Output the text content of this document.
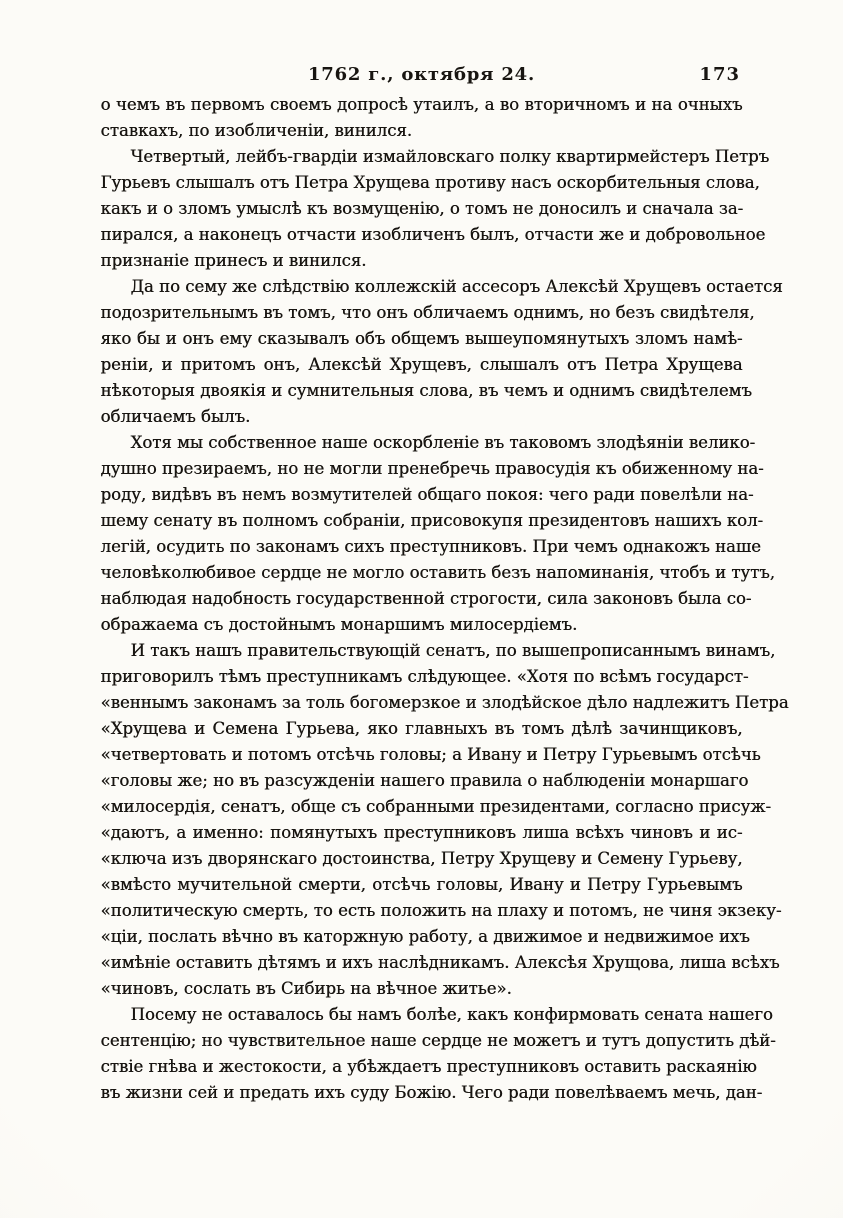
1762 г., октября 24.	173

о чемъ въ первомъ своемъ допросѣ утаилъ, а во вторичномъ и на очныхъ
ставкахъ, по изобличеніи, винился.

Четвертый, лейбъ-гвардіи измайловскаго полку квартирмейстеръ Петръ
Гурьевъ слышалъ отъ Петра Хрущева противу насъ оскорбительныя слова,
какъ и о зломъ умыслѣ къ возмущенію, о томъ не доносилъ и сначала за-
пирался, а наконецъ отчасти изобличенъ былъ, отчасти же и добровольное
признаніе принесъ и винился.

Да по сему же слѣдствію коллежскій ассесоръ Алексѣй Хрущевъ остается
подозрительнымъ въ томъ, что онъ обличаемъ однимъ, но безъ свидѣтеля,
яко бы и онъ ему сказывалъ объ общемъ вышеупомянутыхъ зломъ намѣ-
реніи, и притомъ онъ, Алексѣй Хрущевъ, слышалъ отъ Петра Хрущева
нѣкоторыя двоякія и сумнительныя слова, въ чемъ и однимъ свидѣтелемъ
обличаемъ былъ.

Хотя мы собственное наше оскорбленіе въ таковомъ злодѣяніи велико-
душно презираемъ, но не могли пренебречь правосудія къ обиженному на-
роду, видѣвъ въ немъ возмутителей общаго покоя: чего ради повелѣли на-
шему сенату въ полномъ собраніи, присовокупя президентовъ нашихъ кол-
легій, осудить по законамъ сихъ преступниковъ. При чемъ однакожъ наше
человѣколюбивое сердце не могло оставить безъ напоминанія, чтобъ и тутъ,
наблюдая надобность государственной строгости, сила законовъ была со-
ображаема съ достойнымъ монаршимъ милосердіемъ.

И такъ нашъ правительствующій сенатъ, по вышепрописаннымъ винамъ,
приговорилъ тѣмъ преступникамъ слѣдующее. «Хотя по всѣмъ государст-
«веннымъ законамъ за толь богомерзкое и злодѣйское дѣло надлежитъ Петра
«Хрущева и Семена Гурьева, яко главныхъ въ томъ дѣлѣ зачинщиковъ,
«четвертовать и потомъ отсѣчь головы; а Ивану и Петру Гурьевымъ отсѣчь
«головы же; но въ разсужденіи нашего правила о наблюденіи монаршаго
«милосердія, сенатъ, обще съ собранными президентами, согласно присуж-
«даютъ, а именно: помянутыхъ преступниковъ лиша всѣхъ чиновъ и ис-
«ключа изъ дворянскаго достоинства, Петру Хрущеву и Семену Гурьеву,
«вмѣсто мучительной смерти, отсѣчь головы, Ивану и Петру Гурьевымъ
«политическую смерть, то есть положить на плаху и потомъ, не чиня экзеку-
«ціи, послать вѣчно въ каторжную работу, а движимое и недвижимое ихъ
«имѣніе оставить дѣтямъ и ихъ наслѣдникамъ. Алексѣя Хрущова, лиша всѣхъ
«чиновъ, сослать въ Сибирь на вѣчное житье».

Посему не оставалось бы намъ болѣе, какъ конфирмовать сената нашего
сентенцію; но чувствительное наше сердце не можетъ и тутъ допустить дѣй-
ствіе гнѣва и жестокости, а убѣждаетъ преступниковъ оставить раскаянію
въ жизни сей и предать ихъ суду Божію. Чего ради повелѣваемъ мечь, дан-
